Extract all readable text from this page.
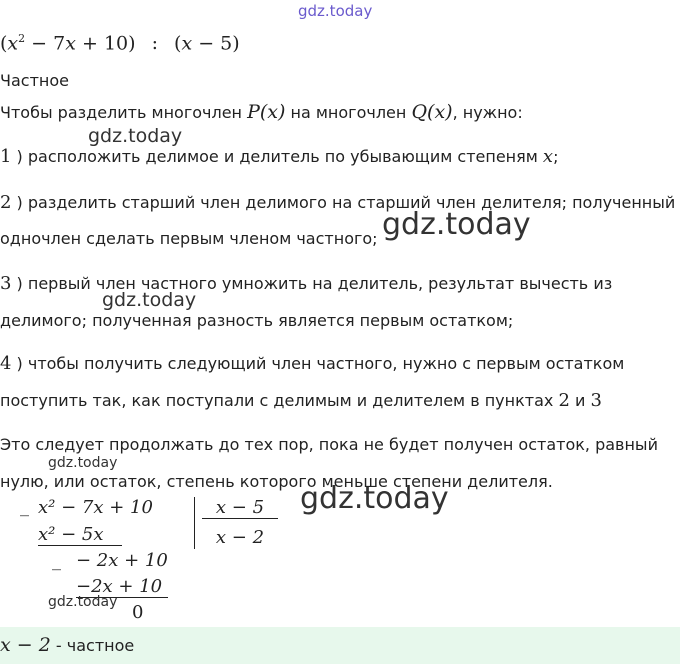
gdz.today
$(x^2 - 7x + 10)$ : (x − 5)
Частное
Чтобы разделить многочлен P(x) на многочлен Q(x), нужно:
gdz.today
1 ) расположить делимое и делитель по убывающим степеням x;
2 ) разделить старший член делимого на старший член делителя; полученный
одночлен сделать первым членом частного; gdz.today
3 ) первый член частного умножить на делитель, результат вычесть из
gdz.today
делимого; полученная разность является первым остатком;
4 ) чтобы получить следующий член частного, нужно с первым остатком
поступить так, как поступали с делимым и делителем в пунктах 2 и 3
Это следует продолжать до тех пор, пока не будет получен остаток, равный
gdz.today
нулю, или остаток, степень которого меньше степени делителя.
_ x² − 7x + 10
x² − 5x
_ − 2x + 10
−2x + 10
gdz.today 0
x − 5
x − 2
gdz.today
x − 2 - частное
